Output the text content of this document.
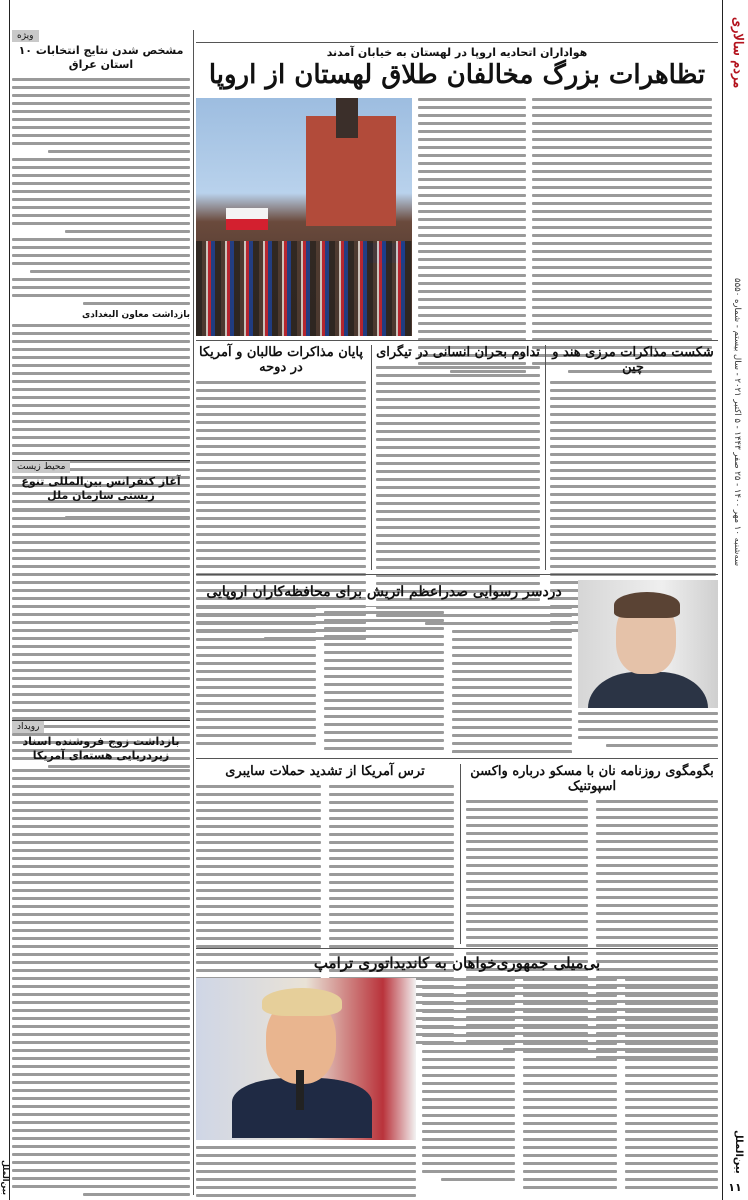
مردم سالاری
سه‌شنبه ۱۰ مهر ۱۴۰۰ - ۲۵ صفر ۱۴۴۳ - ۵ اکتبر ۲۰۲۱ - سال بیستم - شماره ۵۵۵۰
بین‌الملل
ویژه
مشخص شدن نتایج انتخابات ۱۰ استان عراق
بازداشت معاون البغدادی
محیط زیست
آغاز کنفرانس بین‌المللی تنوع زیستی سازمان ملل
رویداد
بازداشت زوج فروشنده اسناد زیردریایی هسته‌ای آمریکا
هواداران اتحادیه اروپا در لهستان به خیابان آمدند
تظاهرات بزرگ مخالفان طلاق لهستان از اروپا
شکست مذاکرات مرزی هند و چین
تداوم بحران انسانی در تیگرای
پایان مذاکرات طالبان و آمریکا در دوحه
دردسر رسوایی صدراعظم اتریش برای محافظه‌کاران اروپایی
بگومگوی روزنامه نان با مسکو درباره واکسن اسپوتنیک
ترس آمریکا از تشدید حملات سایبری
بی‌میلی جمهوری‌خواهان به کاندیداتوری ترامپ
بین‌الملل
۱۱
